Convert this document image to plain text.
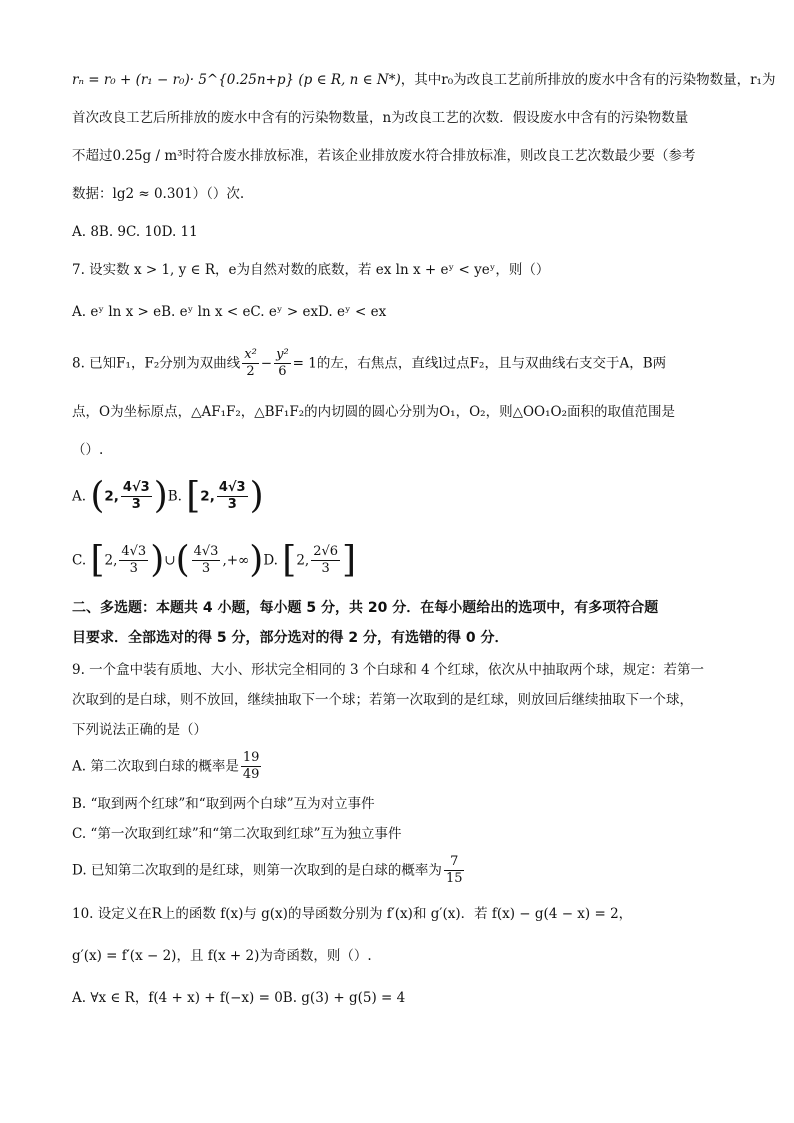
rₙ = r₀ + (r₁ − r₀)· 5^{0.25n+p} (p ∈ R, n ∈ N*)，其中r₀为改良工艺前所排放的废水中含有的污染物数量，r₁为
首次改良工艺后所排放的废水中含有的污染物数量，n为改良工艺的次数．假设废水中含有的污染物数量
不超过0.25g / m³时符合废水排放标准，若该企业排放废水符合排放标准，则改良工艺次数最少要（参考
数据：lg2 ≈ 0.301）（）次.
A. 8B. 9C. 10D. 11
7. 设实数 x > 1, y ∈ R，e为自然对数的底数，若 ex ln x + eʸ < yeʸ，则（）
A. eʸ ln x > eB. eʸ ln x < eC. eʸ > exD. eʸ < ex
8. 已知F₁，F₂分别为双曲线 $\frac{\text{x²}}{2} - \frac{\text{y²}}{6} = 1$的左，右焦点，直线l过点F₂，且与双曲线右支交于A，B两
点，O为坐标原点，△AF₁F₂，△BF₁F₂的内切圆的圆心分别为O₁，O₂，则△OO₁O₂面积的取值范围是
（）.
A. (2, $\frac{4√3}{3} )B$. [2, $\frac{4√3}{3}$ )
C. [2, $\frac{4√3}{3}$ )∪( $\frac{4√3}{3} ,+\infty)D$. [2, $\frac{2√6}{3}$ ]
二、多选题：本题共 4 小题，每小题 5 分，共 20 分．在每小题给出的选项中，有多项符合题
目要求．全部选对的得 5 分，部分选对的得 2 分，有选错的得 0 分．
9. 一个盒中装有质地、大小、形状完全相同的 3 个白球和 4 个红球，依次从中抽取两个球，规定：若第一
次取到的是白球，则不放回，继续抽取下一个球；若第一次取到的是红球，则放回后继续抽取下一个球，
下列说法正确的是（）
A. 第二次取到白球的概率是 $\frac{19}{49}$
B. “取到两个红球”和“取到两个白球”互为对立事件
C. “第一次取到红球”和“第二次取到红球”互为独立事件
D. 已知第二次取到的是红球，则第一次取到的是白球的概率为 $\frac{7}{15}$
10. 设定义在R上的函数 f(x)与 g(x)的导函数分别为 f′(x)和 g′(x)．若 f(x) − g(4 − x) = 2，
g′(x) = f′(x − 2)，且 f(x + 2)为奇函数，则（）.
A. ∀x ∈ R，f(4 + x) + f(−x) = 0B. g(3) + g(5) = 4
